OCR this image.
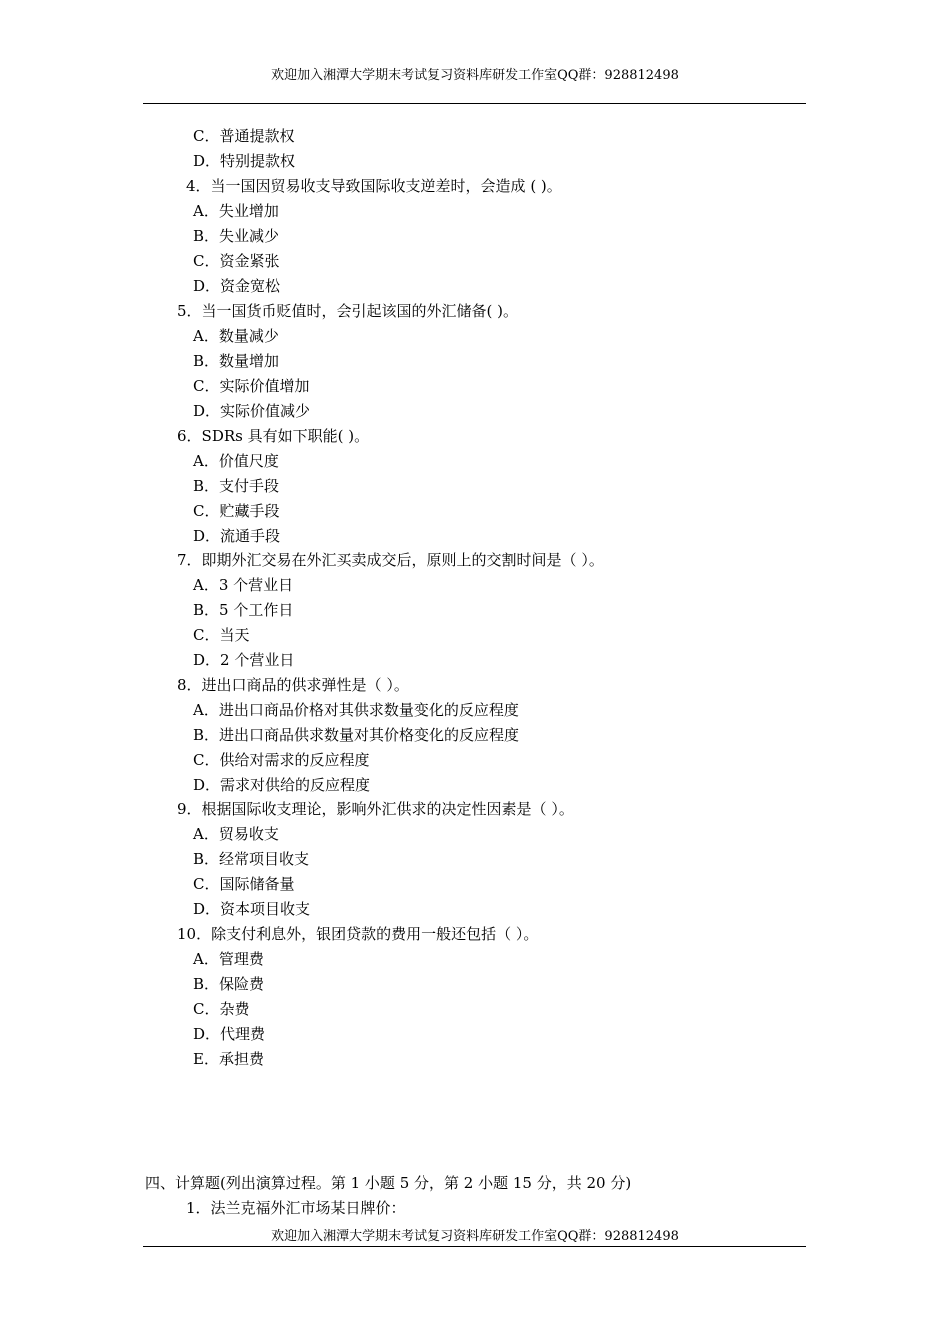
欢迎加入湘潭大学期末考试复习资料库研发工作室QQ群：928812498
C．普通提款权
D．特别提款权
4．当一国因贸易收支导致国际收支逆差时，会造成 ( )。
A．失业增加
B．失业减少
C．资金紧张
D．资金宽松
5．当一国货币贬值时，会引起该国的外汇储备( )。
A．数量减少
B．数量增加
C．实际价值增加
D．实际价值减少
6．SDRs 具有如下职能( )。
A．价值尺度
B．支付手段
C．贮藏手段
D．流通手段
7．即期外汇交易在外汇买卖成交后，原则上的交割时间是（ ）。
A．3 个营业日
B．5 个工作日
C．当天
D．2 个营业日
8．进出口商品的供求弹性是（ ）。
A．进出口商品价格对其供求数量变化的反应程度
B．进出口商品供求数量对其价格变化的反应程度
C．供给对需求的反应程度
D．需求对供给的反应程度
9．根据国际收支理论，影响外汇供求的决定性因素是（ ）。
A．贸易收支
B．经常项目收支
C．国际储备量
D．资本项目收支
10．除支付利息外，银团贷款的费用一般还包括（ ）。
A．管理费
B．保险费
C．杂费
D．代理费
E．承担费
四、计算题(列出演算过程。第 1 小题 5 分，第 2 小题 15 分，共 20 分)
1．法兰克福外汇市场某日牌价：
欢迎加入湘潭大学期末考试复习资料库研发工作室QQ群：928812498
